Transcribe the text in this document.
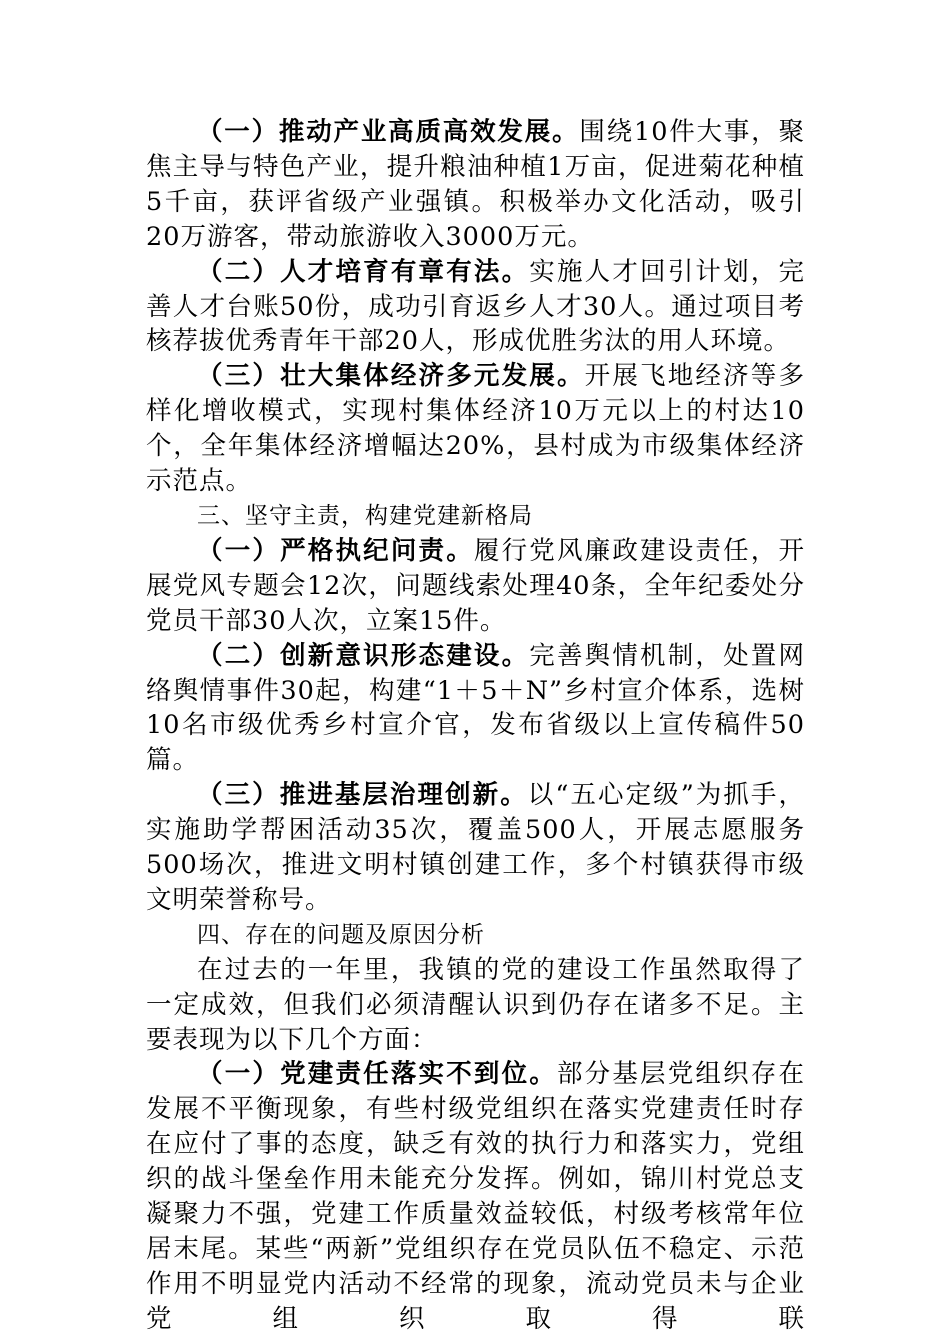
（一）推动产业高质高效发展。围绕10件大事，聚焦主导与特色产业，提升粮油种植1万亩，促进菊花种植5千亩，获评省级产业强镇。积极举办文化活动，吸引20万游客，带动旅游收入3000万元。

（二）人才培育有章有法。实施人才回引计划，完善人才台账50份，成功引育返乡人才30人。通过项目考核荐拔优秀青年干部20人，形成优胜劣汰的用人环境。

（三）壮大集体经济多元发展。开展飞地经济等多样化增收模式，实现村集体经济10万元以上的村达10个，全年集体经济增幅达20%，县村成为市级集体经济示范点。

三、坚守主责，构建党建新格局

（一）严格执纪问责。履行党风廉政建设责任，开展党风专题会12次，问题线索处理40条，全年纪委处分党员干部30人次，立案15件。

（二）创新意识形态建设。完善舆情机制，处置网络舆情事件30起，构建“1＋5＋N”乡村宣介体系，选树10名市级优秀乡村宣介官，发布省级以上宣传稿件50篇。

（三）推进基层治理创新。以“五心定级”为抓手，实施助学帮困活动35次，覆盖500人，开展志愿服务500场次，推进文明村镇创建工作，多个村镇获得市级文明荣誉称号。

四、存在的问题及原因分析

在过去的一年里，我镇的党的建设工作虽然取得了一定成效，但我们必须清醒认识到仍存在诸多不足。主要表现为以下几个方面：

（一）党建责任落实不到位。部分基层党组织存在发展不平衡现象，有些村级党组织在落实党建责任时存在应付了事的态度，缺乏有效的执行力和落实力，党组织的战斗堡垒作用未能充分发挥。例如，锦川村党总支凝聚力不强，党建工作质量效益较低，村级考核常年位居末尾。某些“两新”党组织存在党员队伍不稳定、示范作用不明显党内活动不经常的现象，流动党员未与企业党组织取得联
